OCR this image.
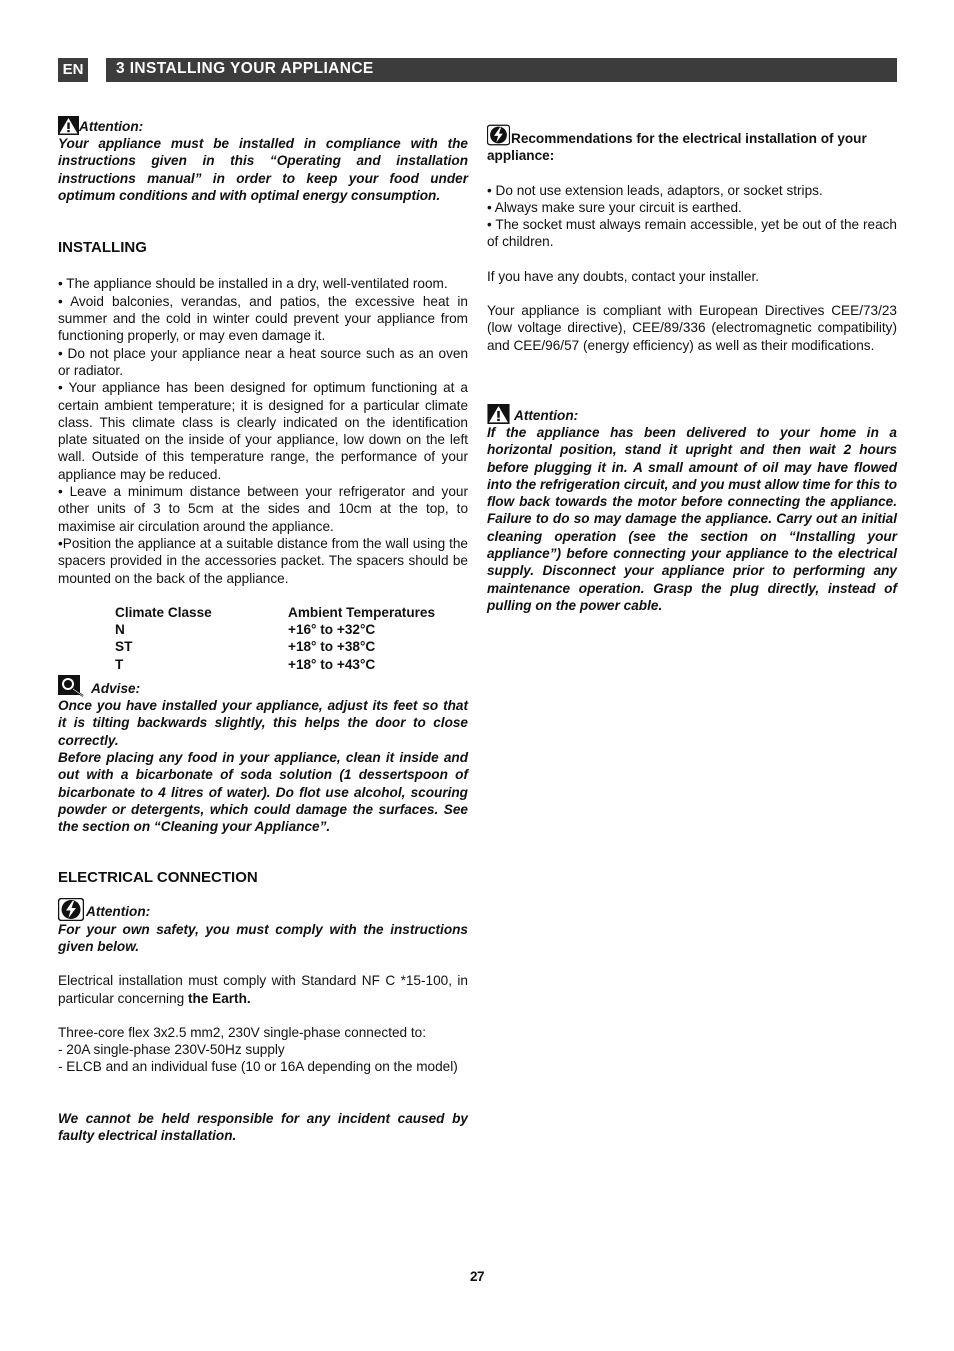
EN	3 INSTALLING YOUR APPLIANCE
Attention:

Your appliance must be installed in compliance with the instructions given in this “Operating and installation instructions manual” in order to keep your food under optimum conditions and with optimal energy consumption.

INSTALLING

• The appliance should be installed in a dry, well-ventilated room.

• Avoid balconies, verandas, and patios, the excessive heat in summer and the cold in winter could prevent your appliance from functioning properly, or may even damage it.

• Do not place your appliance near a heat source such as an oven or radiator.

• Your appliance has been designed for optimum functioning at a certain ambient temperature; it is designed for a particular climate class. This climate class is clearly indicated on the identification plate situated on the inside of your appliance, low down on the left wall. Outside of this temperature range, the performance of your appliance may be reduced.

• Leave a minimum distance between your refrigerator and your other units of 3 to 5cm at the sides and 10cm at the top, to maximise air circulation around the appliance.

•Position the appliance at a suitable distance from the wall using the spacers provided in the accessories packet. The spacers should be mounted on the back of the appliance.

Climate Classe	Ambient Temperatures
N	+16° to +32°C
ST	+18° to +38°C
T	+18° to +43°C
Advise:

Once you have installed your appliance, adjust its feet so that it is tilting backwards slightly, this helps the door to close correctly.

Before placing any food in your appliance, clean it inside and out with a bicarbonate of soda solution (1 dessertspoon of bicarbonate to 4 litres of water). Do flot use alcohol, scouring powder or detergents, which could damage the surfaces. See the section on “Cleaning your Appliance”.

ELECTRICAL CONNECTION

Attention:

For your own safety, you must comply with the instructions given below.

Electrical installation must comply with Standard NF C *15-100, in particular concerning the Earth.

Three-core flex 3x2.5 mm2, 230V single-phase connected to:

- 20A single-phase 230V-50Hz supply

- ELCB and an individual fuse (10 or 16A depending on the model)

We cannot be held responsible for any incident caused by faulty electrical installation.

Recommendations for the electrical installation of your appliance:

• Do not use extension leads, adaptors, or socket strips.

• Always make sure your circuit is earthed.

• The socket must always remain accessible, yet be out of the reach of children.

If you have any doubts, contact your installer.

Your appliance is compliant with European Directives CEE/73/23 (low voltage directive), CEE/89/336 (electromagnetic compatibility) and CEE/96/57 (energy efficiency) as well as their modifications.

Attention:

If the appliance has been delivered to your home in a horizontal position, stand it upright and then wait 2 hours before plugging it in. A small amount of oil may have flowed into the refrigeration circuit, and you must allow time for this to flow back towards the motor before connecting the appliance. Failure to do so may damage the appliance. Carry out an initial cleaning operation (see the section on “Installing your appliance”) before connecting your appliance to the electrical supply. Disconnect your appliance prior to performing any maintenance operation. Grasp the plug directly, instead of pulling on the power cable.

27
